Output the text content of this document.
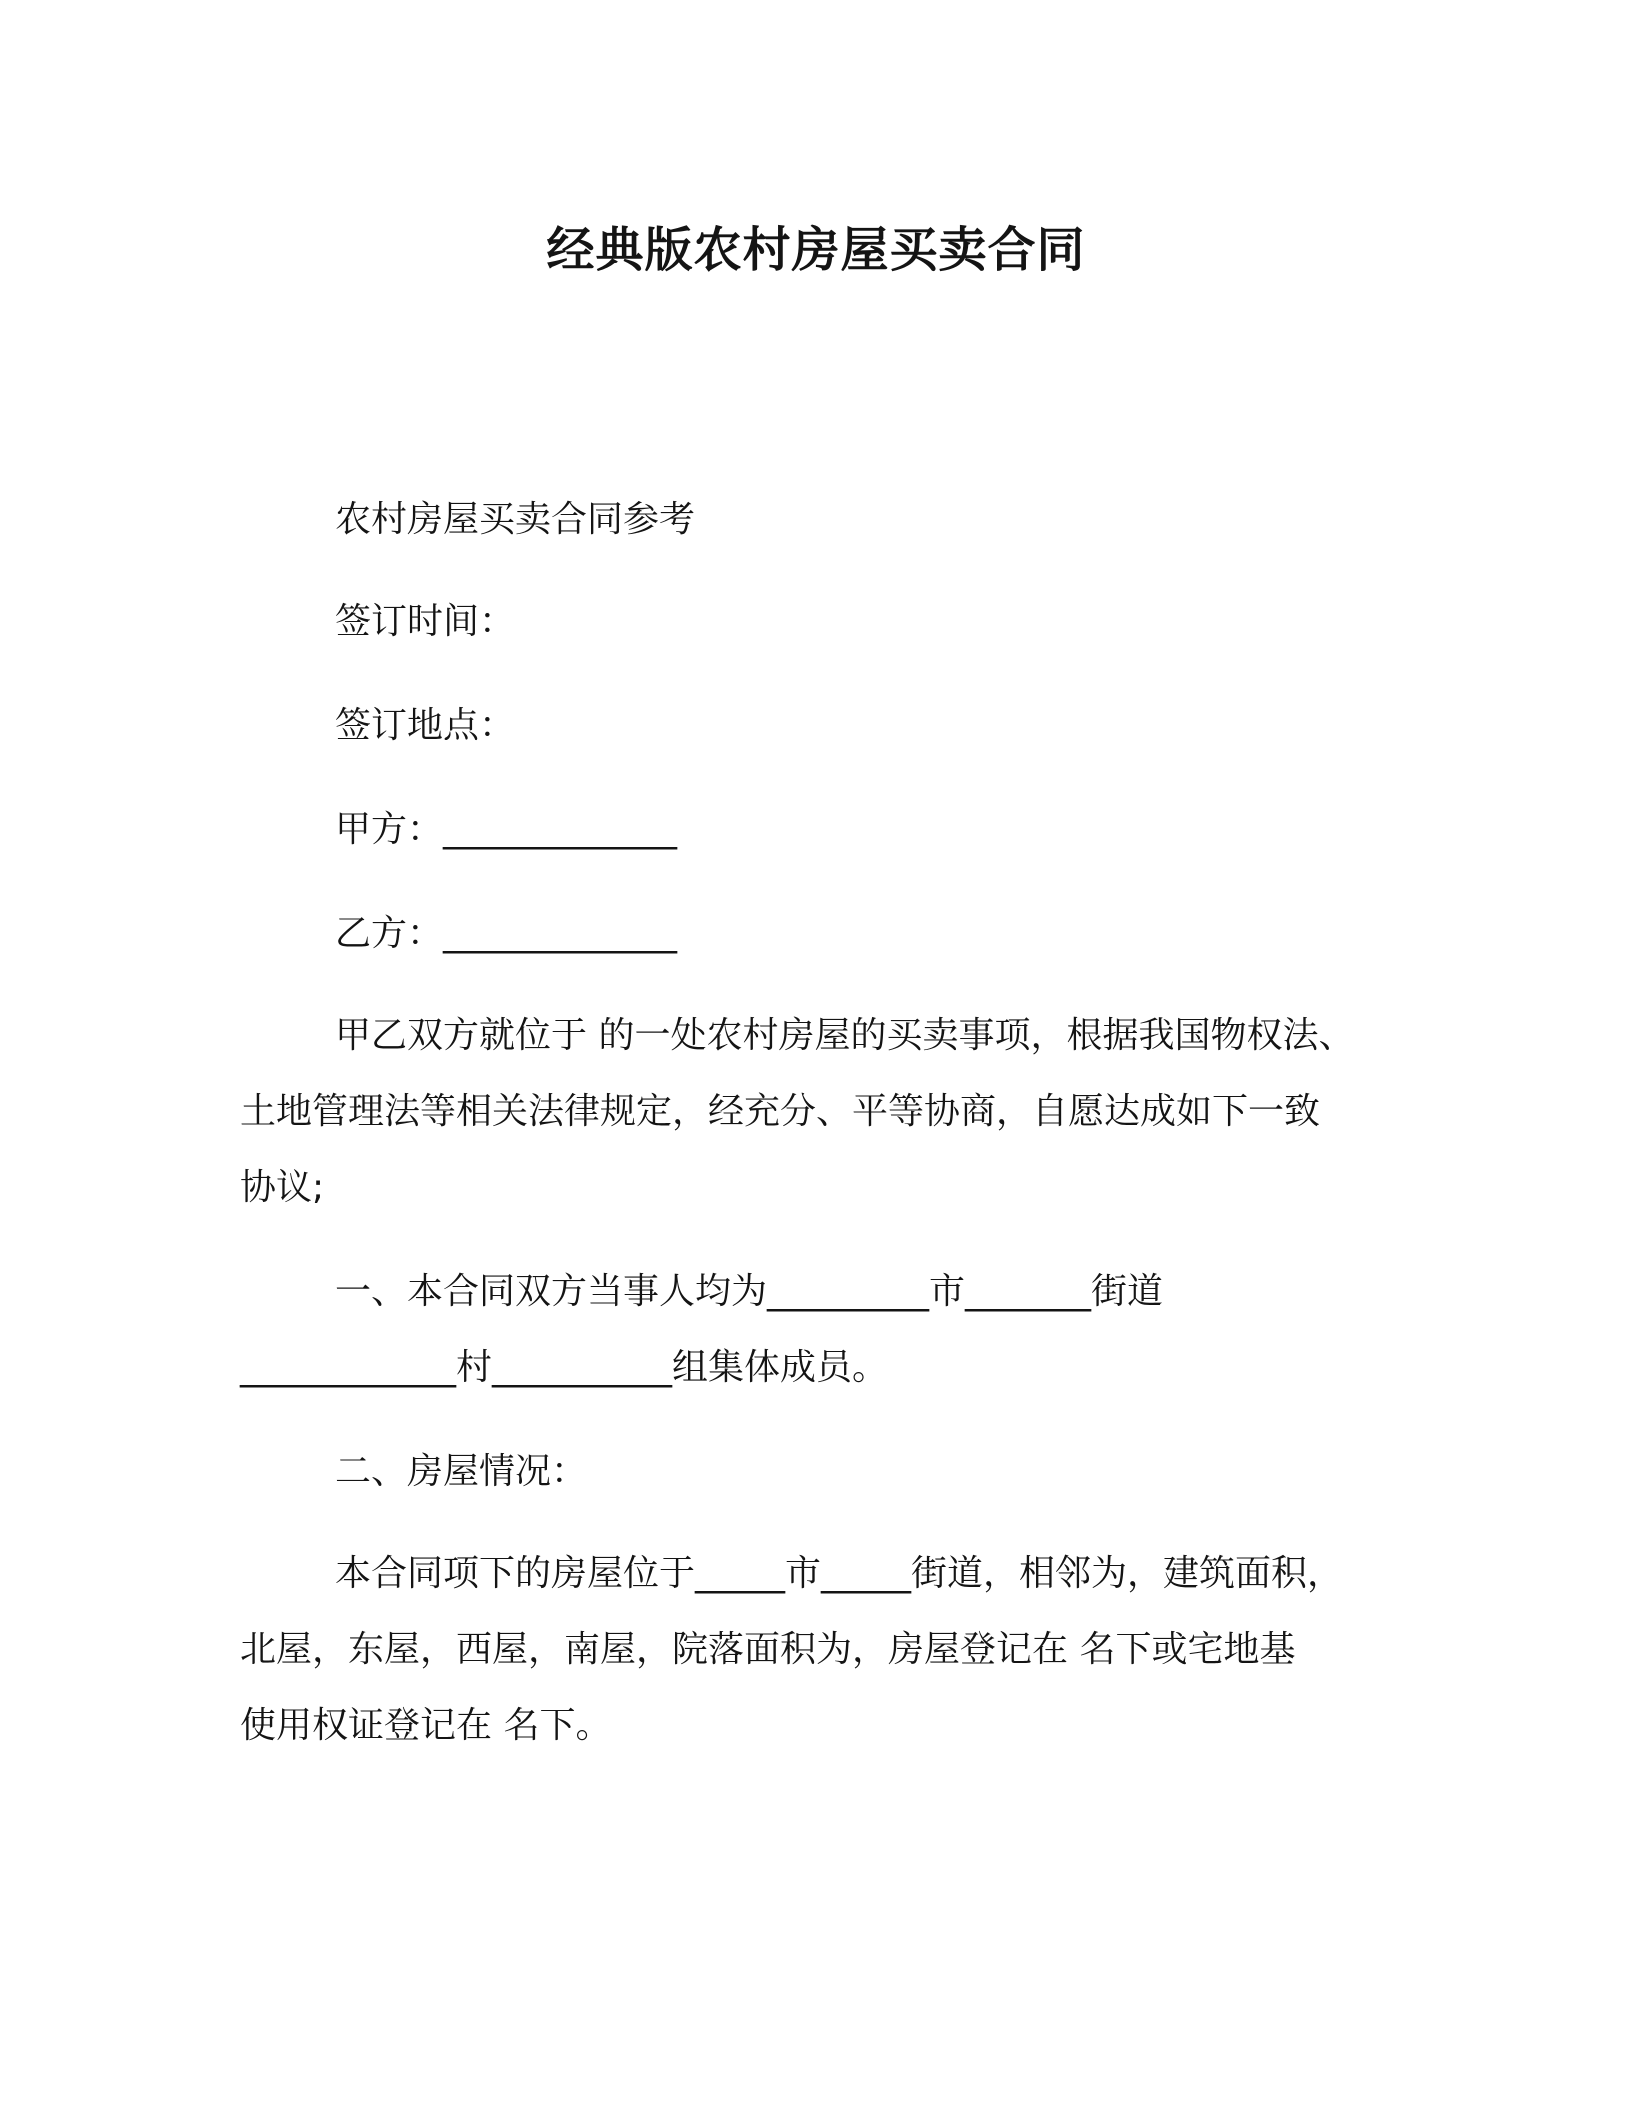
经典版农村房屋买卖合同

农村房屋买卖合同参考

签订时间：

签订地点：

甲方：_____________

乙方：_____________

甲乙双方就位于 的一处农村房屋的买卖事项，根据我国物权法、

土地管理法等相关法律规定，经充分、平等协商，自愿达成如下一致

协议;

一、本合同双方当事人均为_________市_______街道

____________村__________组集体成员。

二、房屋情况：

本合同项下的房屋位于_____市_____街道，相邻为，建筑面积，

北屋，东屋，西屋，南屋，院落面积为，房屋登记在 名下或宅地基

使用权证登记在 名下。
